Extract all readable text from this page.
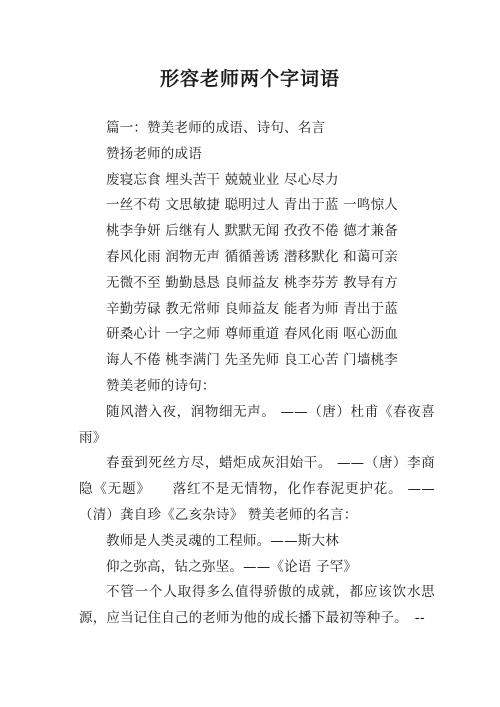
形容老师两个字词语
篇一：赞美老师的成语、诗句、名言
赞扬老师的成语
废寝忘食 埋头苦干 兢兢业业 尽心尽力
一丝不苟 文思敏捷 聪明过人 青出于蓝 一鸣惊人
桃李争妍 后继有人 默默无闻 孜孜不倦 德才兼备
春风化雨 润物无声 循循善诱 潜移默化 和蔼可亲
无微不至 勤勤恳恳 良师益友 桃李芬芳 教导有方
辛勤劳碌 教无常师 良师益友 能者为师 青出于蓝
研桑心计 一字之师 尊师重道 春风化雨 呕心沥血
诲人不倦 桃李满门 先圣先师 良工心苦 门墙桃李
赞美老师的诗句：
随风潜入夜，润物细无声。 ——（唐）杜甫《春夜喜雨》
春蚕到死丝方尽，蜡炬成灰泪始干。 ——（唐）李商隐《无题》　　落红不是无情物，化作春泥更护花。 ——（清）龚自珍《乙亥杂诗》 赞美老师的名言：
教师是人类灵魂的工程师。——斯大林
仰之弥高，钻之弥坚。——《论语 子罕》
不管一个人取得多么值得骄傲的成就，都应该饮水思源，应当记住自己的老师为他的成长播下最初等种子。　--
